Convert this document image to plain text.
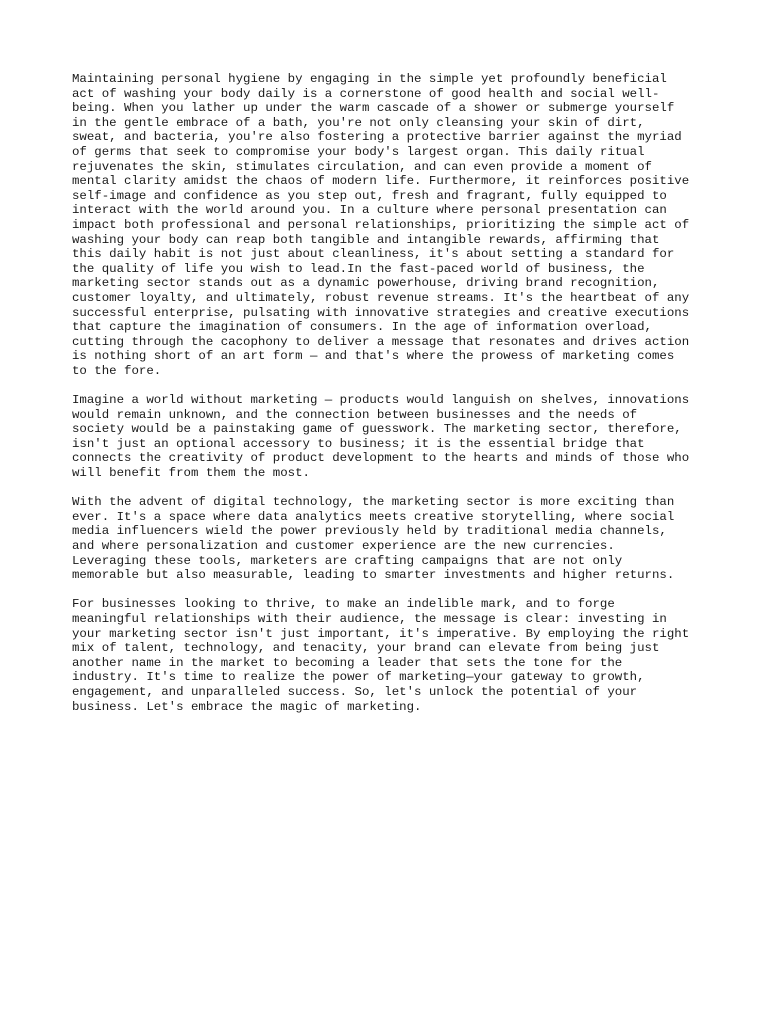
Maintaining personal hygiene by engaging in the simple yet profoundly beneficial
act of washing your body daily is a cornerstone of good health and social well-
being. When you lather up under the warm cascade of a shower or submerge yourself
in the gentle embrace of a bath, you're not only cleansing your skin of dirt,
sweat, and bacteria, you're also fostering a protective barrier against the myriad
of germs that seek to compromise your body's largest organ. This daily ritual
rejuvenates the skin, stimulates circulation, and can even provide a moment of
mental clarity amidst the chaos of modern life. Furthermore, it reinforces positive
self-image and confidence as you step out, fresh and fragrant, fully equipped to
interact with the world around you. In a culture where personal presentation can
impact both professional and personal relationships, prioritizing the simple act of
washing your body can reap both tangible and intangible rewards, affirming that
this daily habit is not just about cleanliness, it's about setting a standard for
the quality of life you wish to lead.In the fast-paced world of business, the
marketing sector stands out as a dynamic powerhouse, driving brand recognition,
customer loyalty, and ultimately, robust revenue streams. It's the heartbeat of any
successful enterprise, pulsating with innovative strategies and creative executions
that capture the imagination of consumers. In the age of information overload,
cutting through the cacophony to deliver a message that resonates and drives action
is nothing short of an art form — and that's where the prowess of marketing comes
to the fore.

Imagine a world without marketing — products would languish on shelves, innovations
would remain unknown, and the connection between businesses and the needs of
society would be a painstaking game of guesswork. The marketing sector, therefore,
isn't just an optional accessory to business; it is the essential bridge that
connects the creativity of product development to the hearts and minds of those who
will benefit from them the most.

With the advent of digital technology, the marketing sector is more exciting than
ever. It's a space where data analytics meets creative storytelling, where social
media influencers wield the power previously held by traditional media channels,
and where personalization and customer experience are the new currencies.
Leveraging these tools, marketers are crafting campaigns that are not only
memorable but also measurable, leading to smarter investments and higher returns.

For businesses looking to thrive, to make an indelible mark, and to forge
meaningful relationships with their audience, the message is clear: investing in
your marketing sector isn't just important, it's imperative. By employing the right
mix of talent, technology, and tenacity, your brand can elevate from being just
another name in the market to becoming a leader that sets the tone for the
industry. It's time to realize the power of marketing—your gateway to growth,
engagement, and unparalleled success. So, let's unlock the potential of your
business. Let's embrace the magic of marketing.
